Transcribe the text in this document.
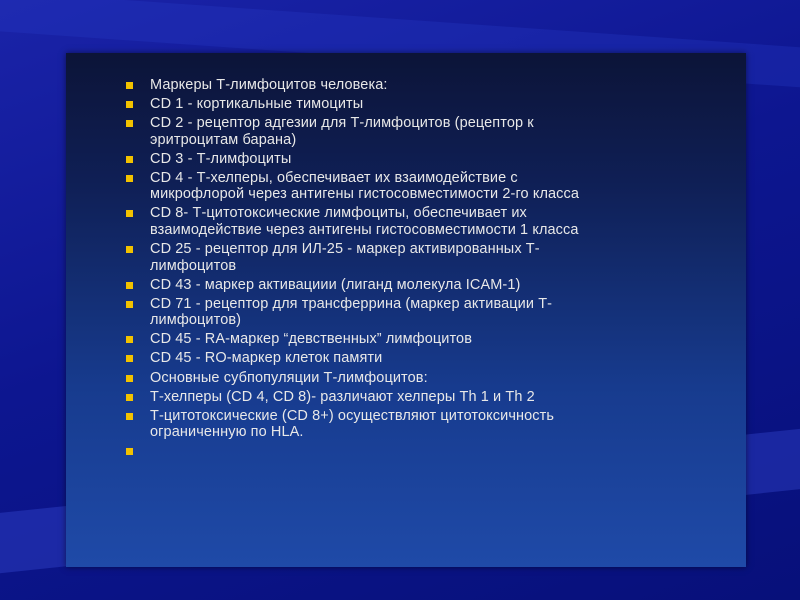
Маркеры Т-лимфоцитов человека:
CD 1 - кортикальные тимоциты
CD 2 - рецептор адгезии для Т-лимфоцитов (рецептор к
эритроцитам барана)
CD 3 - Т-лимфоциты
CD 4 - Т-хелперы, обеспечивает их взаимодействие с
микрофлорой через антигены гистосовместимости 2-го класса
CD 8- Т-цитотоксические лимфоциты, обеспечивает их
взаимодействие через антигены гистосовместимости 1 класса
CD 25 - рецептор для ИЛ-25 - маркер активированных Т-
лимфоцитов
CD 43 - маркер активациии (лиганд молекула ICAM-1)
CD 71 - рецептор для трансферрина (маркер активации Т-
лимфоцитов)
CD 45 - RA-маркер “девственных” лимфоцитов
CD 45 - RO-маркер клеток памяти
Основные субпопуляции Т-лимфоцитов:
Т-хелперы (CD 4, CD 8)- различают хелперы Th 1 и Th 2
Т-цитотоксические (CD 8+) осуществляют цитотоксичность
ограниченную по HLA.
